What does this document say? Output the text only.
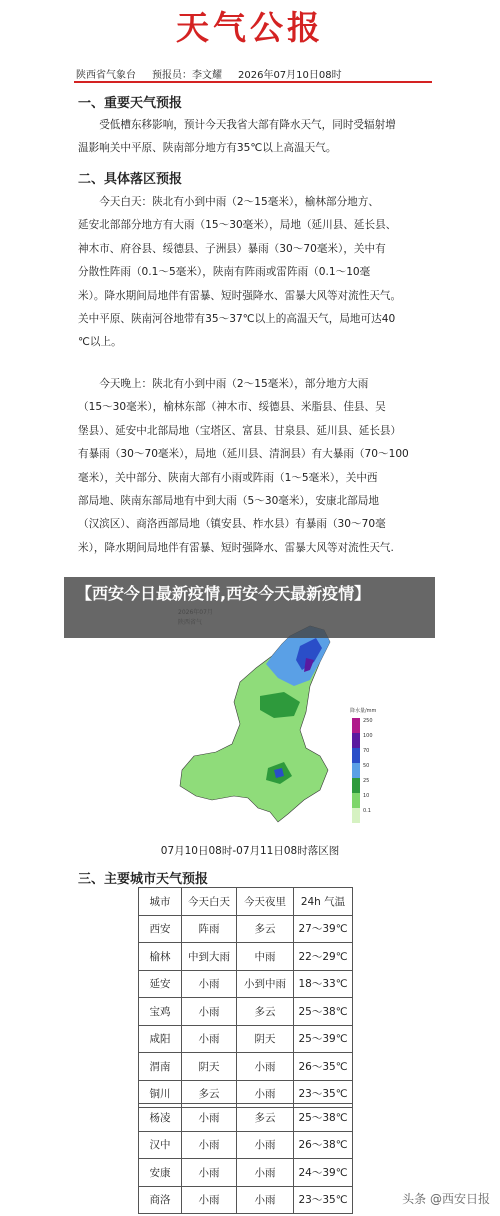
天气公报
陕西省气象台 预报员：李文耀 2026年07月10日08时
一、重要天气预报
受低槽东移影响，预计今天我省大部有降水天气，同时受辐射增
温影响关中平原、陕南部分地方有35℃以上高温天气。
二、具体落区预报
今天白天：陕北有小到中雨（2～15毫米），榆林部分地方、
延安北部部分地方有大雨（15～30毫米），局地（延川县、延长县、
神木市、府谷县、绥德县、子洲县）暴雨（30～70毫米），关中有
分散性阵雨（0.1～5毫米），陕南有阵雨或雷阵雨（0.1～10毫
米）。降水期间局地伴有雷暴、短时强降水、雷暴大风等对流性天气。
关中平原、陕南河谷地带有35～37℃以上的高温天气，局地可达40
℃以上。
今天晚上：陕北有小到中雨（2～15毫米），部分地方大雨
（15～30毫米），榆林东部（神木市、绥德县、米脂县、佳县、吴
堡县）、延安中北部局地（宝塔区、富县、甘泉县、延川县、延长县）
有暴雨（30～70毫米），局地（延川县、清涧县）有大暴雨（70～100
毫米），关中部分、陕南大部有小雨或阵雨（1～5毫米），关中西
部局地、陕南东部局地有中到大雨（5～30毫米），安康北部局地
（汉滨区）、商洛西部局地（镇安县、柞水县）有暴雨（30～70毫
米），降水期间局地伴有雷暴、短时强降水、雷暴大风等对流性天气.
【西安今日最新疫情,西安今天最新疫情】
降水量/mm
250
100
70
50
25
10
0.1
07月10日08时-07月11日08时落区图
三、主要城市天气预报
城市	今天白天	今天夜里	24h 气温
西安	阵雨	多云	27～39℃
榆林	中到大雨	中雨	22～29℃
延安	小雨	小到中雨	18～33℃
宝鸡	小雨	多云	25～38℃
咸阳	小雨	阴天	25～39℃
渭南	阴天	小雨	26～35℃
铜川	多云	小雨	23～35℃
杨凌	小雨	多云	25～38℃
汉中	小雨	小雨	26～38℃
安康	小雨	小雨	24～39℃
商洛	小雨	小雨	23～35℃	头条 @西安日报
